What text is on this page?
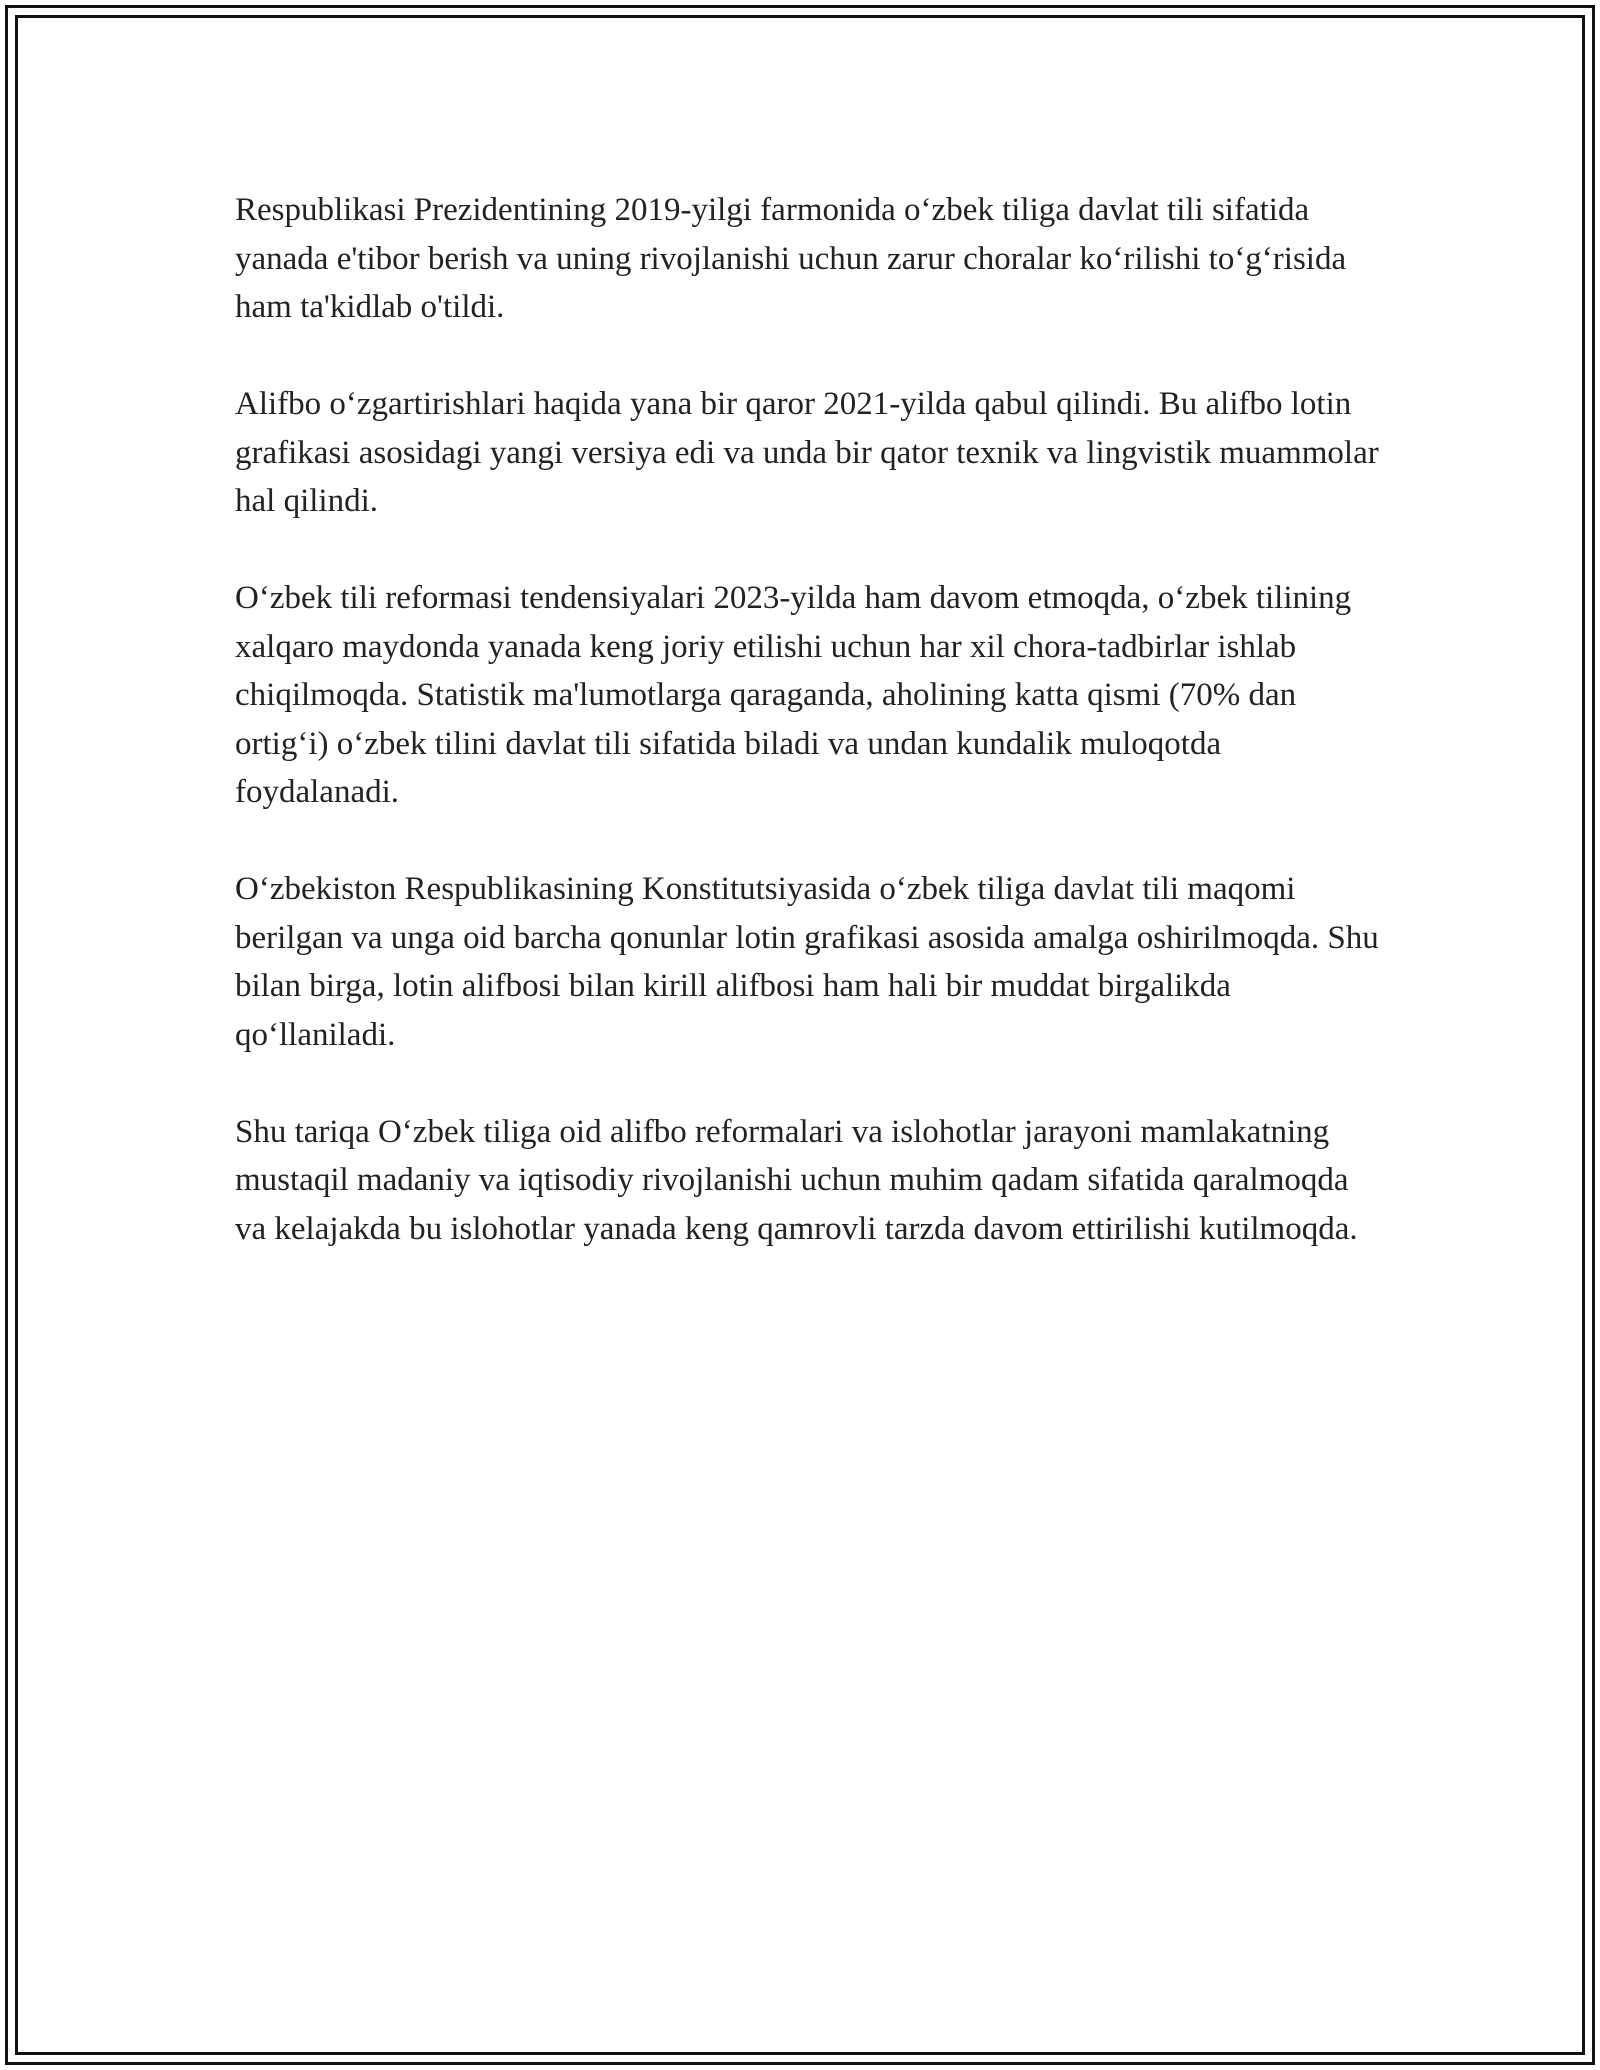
Respublikasi Prezidentining 2019-yilgi farmonida o‘zbek tiliga davlat tili sifatida yanada e'tibor berish va uning rivojlanishi uchun zarur choralar ko‘rilishi to‘g‘risida ham ta'kidlab o'tildi.

Alifbo o‘zgartirishlari haqida yana bir qaror 2021-yilda qabul qilindi. Bu alifbo lotin grafikasi asosidagi yangi versiya edi va unda bir qator texnik va lingvistik muammolar hal qilindi.

O‘zbek tili reformasi tendensiyalari 2023-yilda ham davom etmoqda, o‘zbek tilining xalqaro maydonda yanada keng joriy etilishi uchun har xil chora-tadbirlar ishlab chiqilmoqda. Statistik ma'lumotlarga qaraganda, aholining katta qismi (70% dan ortig‘i) o‘zbek tilini davlat tili sifatida biladi va undan kundalik muloqotda foydalanadi.

O‘zbekiston Respublikasining Konstitutsiyasida o‘zbek tiliga davlat tili maqomi berilgan va unga oid barcha qonunlar lotin grafikasi asosida amalga oshirilmoqda. Shu bilan birga, lotin alifbosi bilan kirill alifbosi ham hali bir muddat birgalikda qo‘llaniladi.

Shu tariqa O‘zbek tiliga oid alifbo reformalari va islohotlar jarayoni mamlakatning mustaqil madaniy va iqtisodiy rivojlanishi uchun muhim qadam sifatida qaralmoqda va kelajakda bu islohotlar yanada keng qamrovli tarzda davom ettirilishi kutilmoqda.
